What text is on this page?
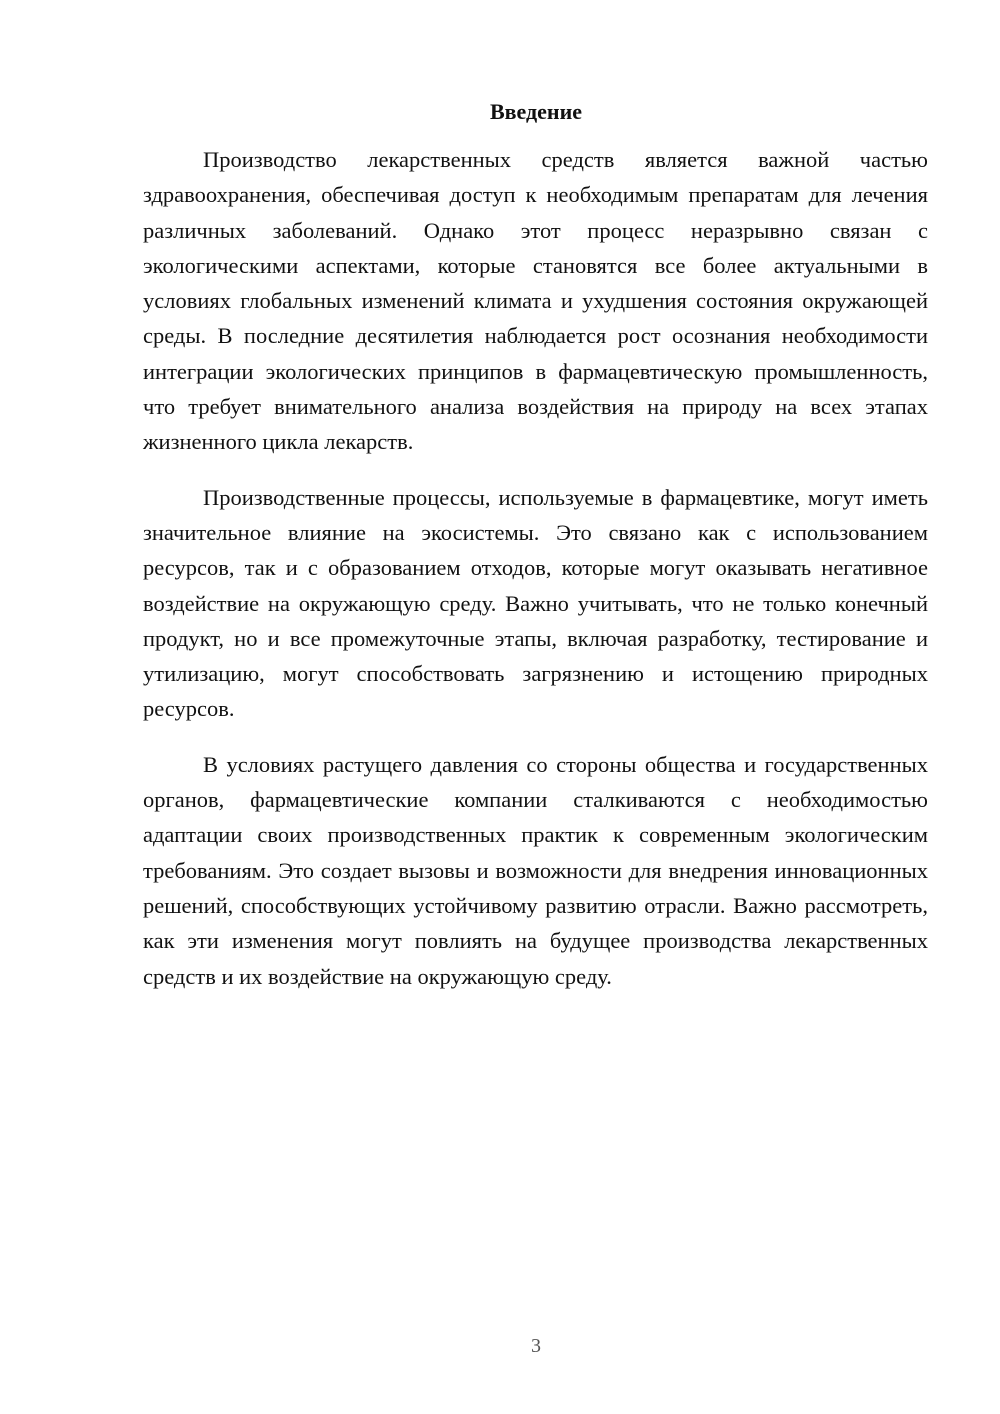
Введение

Производство лекарственных средств является важной частью здравоохранения, обеспечивая доступ к необходимым препаратам для лечения различных заболеваний. Однако этот процесс неразрывно связан с экологическими аспектами, которые становятся все более актуальными в условиях глобальных изменений климата и ухудшения состояния окружающей среды. В последние десятилетия наблюдается рост осознания необходимости интеграции экологических принципов в фармацевтическую промышленность, что требует внимательного анализа воздействия на природу на всех этапах жизненного цикла лекарств.

Производственные процессы, используемые в фармацевтике, могут иметь значительное влияние на экосистемы. Это связано как с использованием ресурсов, так и с образованием отходов, которые могут оказывать негативное воздействие на окружающую среду. Важно учитывать, что не только конечный продукт, но и все промежуточные этапы, включая разработку, тестирование и утилизацию, могут способствовать загрязнению и истощению природных ресурсов.

В условиях растущего давления со стороны общества и государственных органов, фармацевтические компании сталкиваются с необходимостью адаптации своих производственных практик к современным экологическим требованиям. Это создает вызовы и возможности для внедрения инновационных решений, способствующих устойчивому развитию отрасли. Важно рассмотреть, как эти изменения могут повлиять на будущее производства лекарственных средств и их воздействие на окружающую среду.

3
